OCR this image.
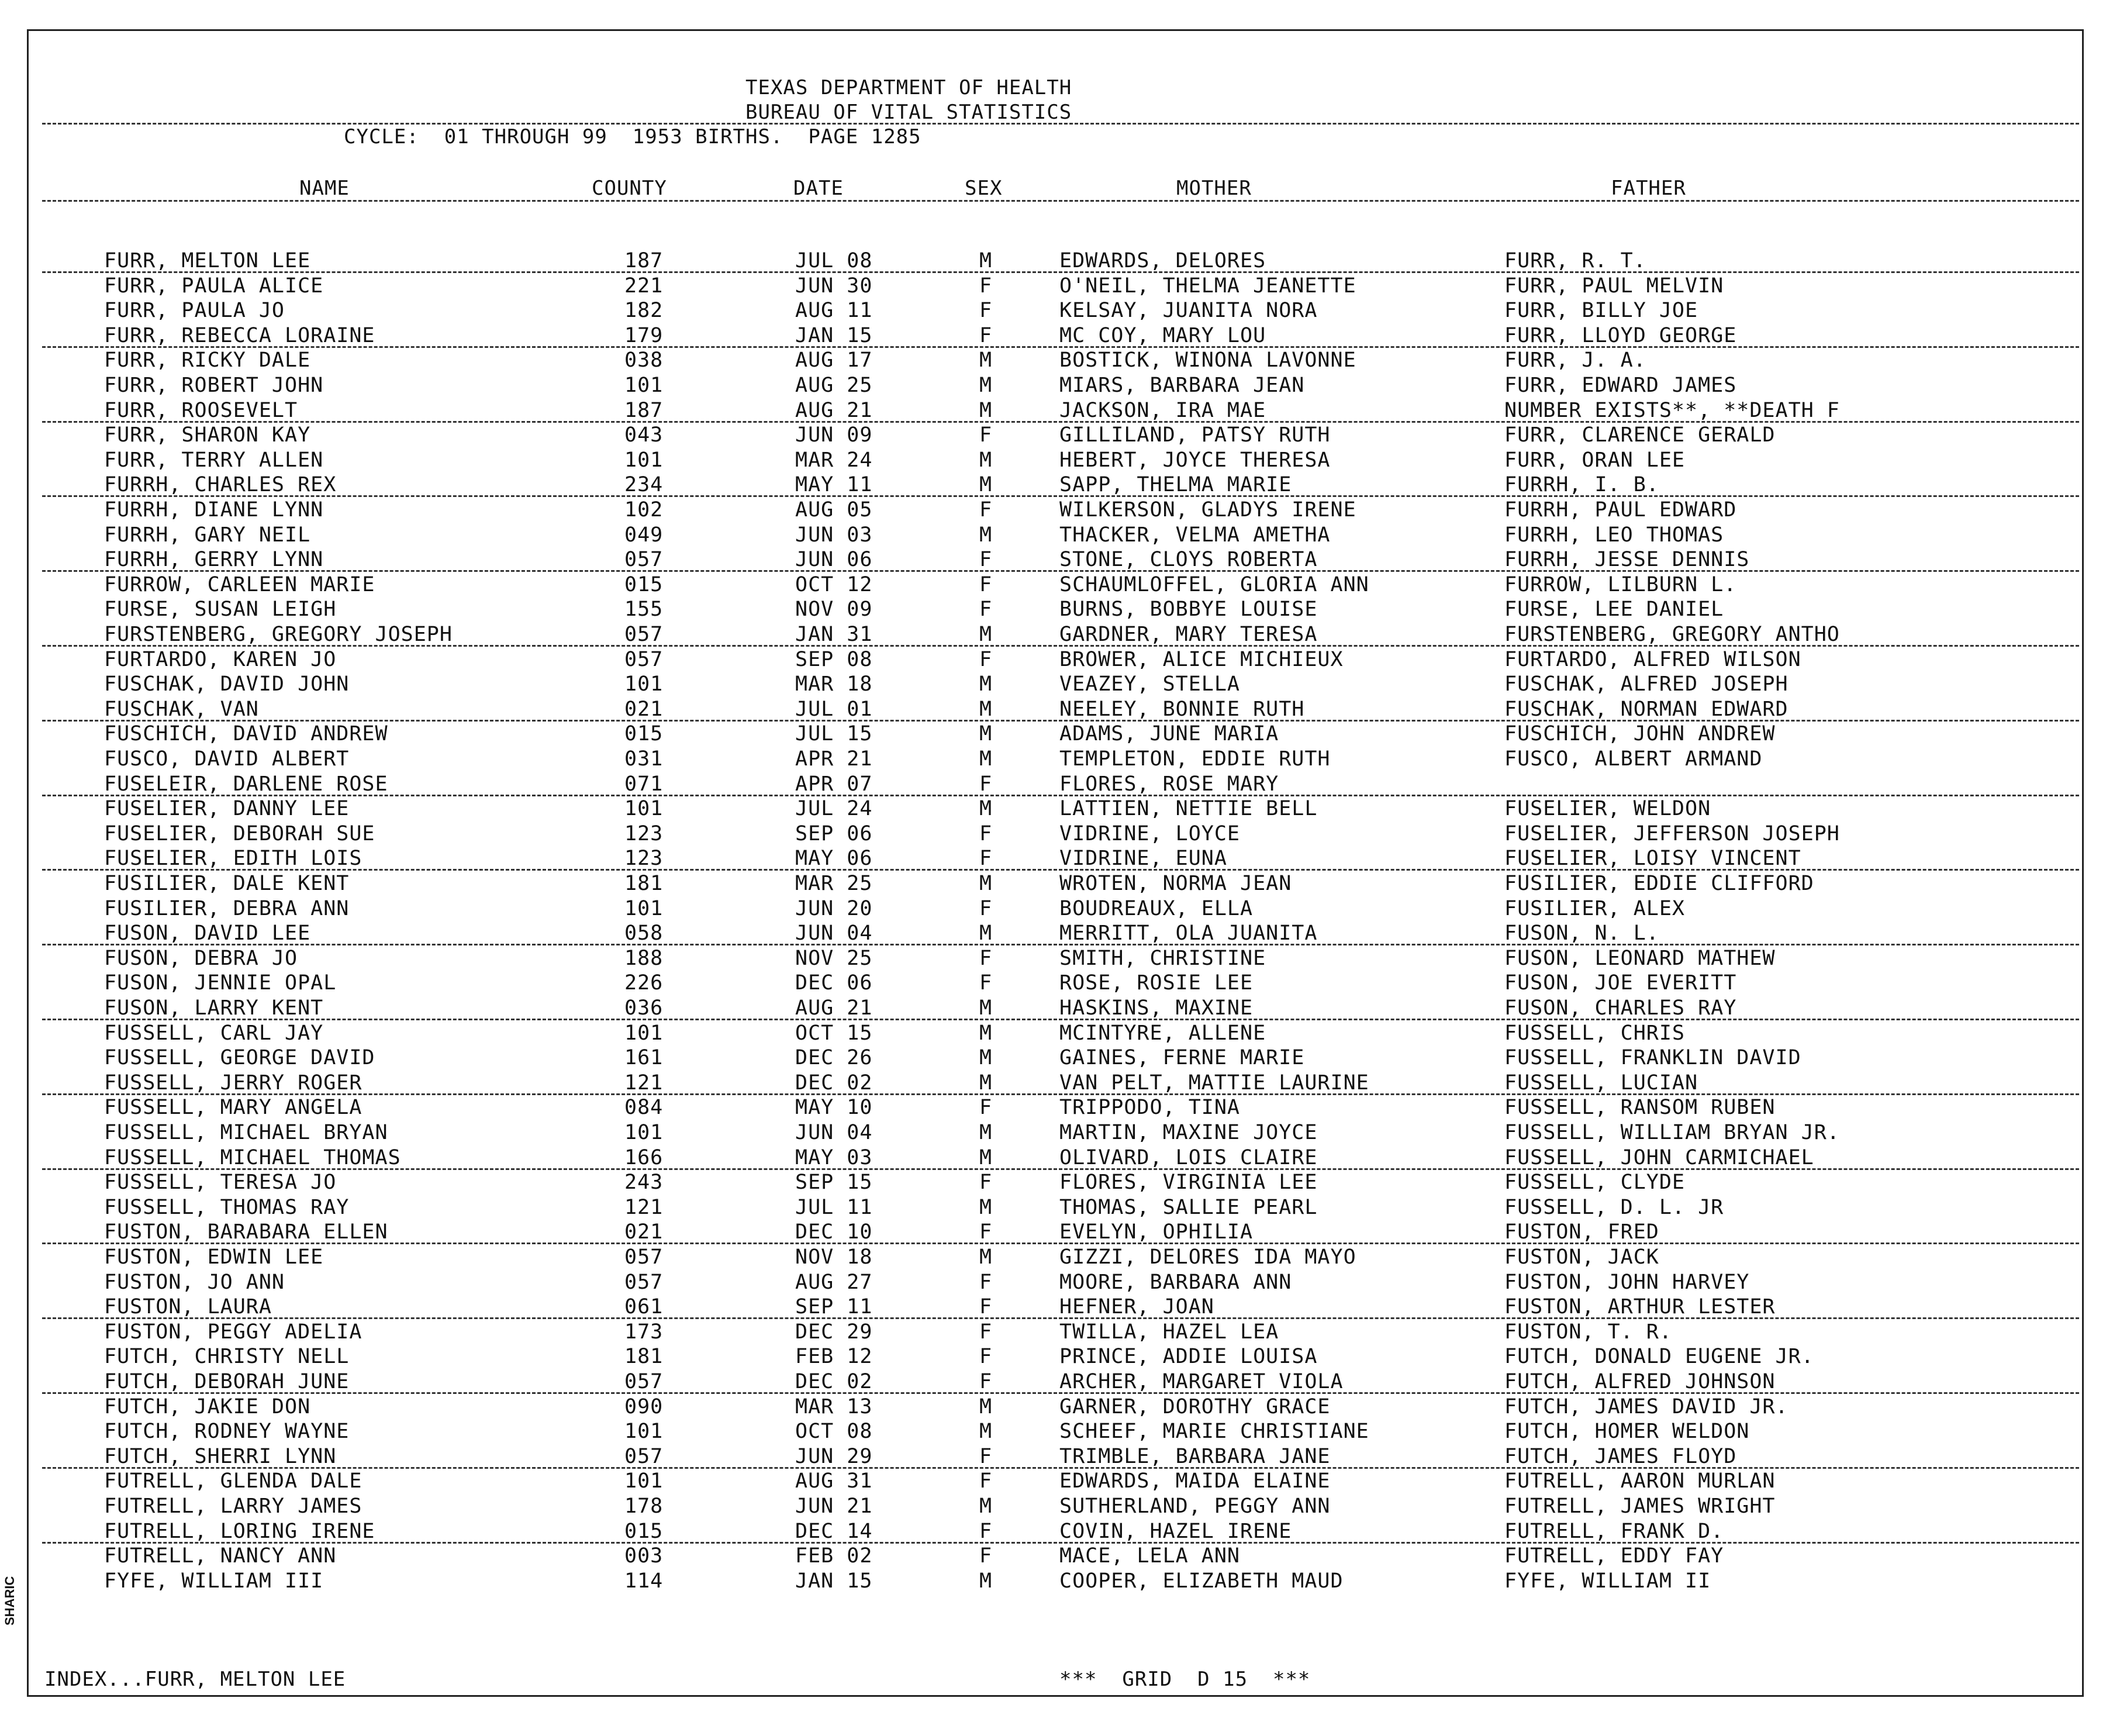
TEXAS DEPARTMENT OF HEALTH
BUREAU OF VITAL STATISTICS
CYCLE:  01 THROUGH 99  1953 BIRTHS.  PAGE 1285
NAME	COUNTY	DATE	SEX	MOTHER	FATHER
FURR, MELTON LEE	187	JUL 08	M	EDWARDS, DELORES	FURR, R. T.
FURR, PAULA ALICE	221	JUN 30	F	O'NEIL, THELMA JEANETTE	FURR, PAUL MELVIN
FURR, PAULA JO	182	AUG 11	F	KELSAY, JUANITA NORA	FURR, BILLY JOE
FURR, REBECCA LORAINE	179	JAN 15	F	MC COY, MARY LOU	FURR, LLOYD GEORGE
FURR, RICKY DALE	038	AUG 17	M	BOSTICK, WINONA LAVONNE	FURR, J. A.
FURR, ROBERT JOHN	101	AUG 25	M	MIARS, BARBARA JEAN	FURR, EDWARD JAMES
FURR, ROOSEVELT	187	AUG 21	M	JACKSON, IRA MAE	NUMBER EXISTS**, **DEATH F
FURR, SHARON KAY	043	JUN 09	F	GILLILAND, PATSY RUTH	FURR, CLARENCE GERALD
FURR, TERRY ALLEN	101	MAR 24	M	HEBERT, JOYCE THERESA	FURR, ORAN LEE
FURRH, CHARLES REX	234	MAY 11	M	SAPP, THELMA MARIE	FURRH, I. B.
FURRH, DIANE LYNN	102	AUG 05	F	WILKERSON, GLADYS IRENE	FURRH, PAUL EDWARD
FURRH, GARY NEIL	049	JUN 03	M	THACKER, VELMA AMETHA	FURRH, LEO THOMAS
FURRH, GERRY LYNN	057	JUN 06	F	STONE, CLOYS ROBERTA	FURRH, JESSE DENNIS
FURROW, CARLEEN MARIE	015	OCT 12	F	SCHAUMLOFFEL, GLORIA ANN	FURROW, LILBURN L.
FURSE, SUSAN LEIGH	155	NOV 09	F	BURNS, BOBBYE LOUISE	FURSE, LEE DANIEL
FURSTENBERG, GREGORY JOSEPH	057	JAN 31	M	GARDNER, MARY TERESA	FURSTENBERG, GREGORY ANTHO
FURTARDO, KAREN JO	057	SEP 08	F	BROWER, ALICE MICHIEUX	FURTARDO, ALFRED WILSON
FUSCHAK, DAVID JOHN	101	MAR 18	M	VEAZEY, STELLA	FUSCHAK, ALFRED JOSEPH
FUSCHAK, VAN	021	JUL 01	M	NEELEY, BONNIE RUTH	FUSCHAK, NORMAN EDWARD
FUSCHICH, DAVID ANDREW	015	JUL 15	M	ADAMS, JUNE MARIA	FUSCHICH, JOHN ANDREW
FUSCO, DAVID ALBERT	031	APR 21	M	TEMPLETON, EDDIE RUTH	FUSCO, ALBERT ARMAND
FUSELEIR, DARLENE ROSE	071	APR 07	F	FLORES, ROSE MARY
FUSELIER, DANNY LEE	101	JUL 24	M	LATTIEN, NETTIE BELL	FUSELIER, WELDON
FUSELIER, DEBORAH SUE	123	SEP 06	F	VIDRINE, LOYCE	FUSELIER, JEFFERSON JOSEPH
FUSELIER, EDITH LOIS	123	MAY 06	F	VIDRINE, EUNA	FUSELIER, LOISY VINCENT
FUSILIER, DALE KENT	181	MAR 25	M	WROTEN, NORMA JEAN	FUSILIER, EDDIE CLIFFORD
FUSILIER, DEBRA ANN	101	JUN 20	F	BOUDREAUX, ELLA	FUSILIER, ALEX
FUSON, DAVID LEE	058	JUN 04	M	MERRITT, OLA JUANITA	FUSON, N. L.
FUSON, DEBRA JO	188	NOV 25	F	SMITH, CHRISTINE	FUSON, LEONARD MATHEW
FUSON, JENNIE OPAL	226	DEC 06	F	ROSE, ROSIE LEE	FUSON, JOE EVERITT
FUSON, LARRY KENT	036	AUG 21	M	HASKINS, MAXINE	FUSON, CHARLES RAY
FUSSELL, CARL JAY	101	OCT 15	M	MCINTYRE, ALLENE	FUSSELL, CHRIS
FUSSELL, GEORGE DAVID	161	DEC 26	M	GAINES, FERNE MARIE	FUSSELL, FRANKLIN DAVID
FUSSELL, JERRY ROGER	121	DEC 02	M	VAN PELT, MATTIE LAURINE	FUSSELL, LUCIAN
FUSSELL, MARY ANGELA	084	MAY 10	F	TRIPPODO, TINA	FUSSELL, RANSOM RUBEN
FUSSELL, MICHAEL BRYAN	101	JUN 04	M	MARTIN, MAXINE JOYCE	FUSSELL, WILLIAM BRYAN JR.
FUSSELL, MICHAEL THOMAS	166	MAY 03	M	OLIVARD, LOIS CLAIRE	FUSSELL, JOHN CARMICHAEL
FUSSELL, TERESA JO	243	SEP 15	F	FLORES, VIRGINIA LEE	FUSSELL, CLYDE
FUSSELL, THOMAS RAY	121	JUL 11	M	THOMAS, SALLIE PEARL	FUSSELL, D. L. JR
FUSTON, BARABARA ELLEN	021	DEC 10	F	EVELYN, OPHILIA	FUSTON, FRED
FUSTON, EDWIN LEE	057	NOV 18	M	GIZZI, DELORES IDA MAYO	FUSTON, JACK
FUSTON, JO ANN	057	AUG 27	F	MOORE, BARBARA ANN	FUSTON, JOHN HARVEY
FUSTON, LAURA	061	SEP 11	F	HEFNER, JOAN	FUSTON, ARTHUR LESTER
FUSTON, PEGGY ADELIA	173	DEC 29	F	TWILLA, HAZEL LEA	FUSTON, T. R.
FUTCH, CHRISTY NELL	181	FEB 12	F	PRINCE, ADDIE LOUISA	FUTCH, DONALD EUGENE JR.
FUTCH, DEBORAH JUNE	057	DEC 02	F	ARCHER, MARGARET VIOLA	FUTCH, ALFRED JOHNSON
FUTCH, JAKIE DON	090	MAR 13	M	GARNER, DOROTHY GRACE	FUTCH, JAMES DAVID JR.
FUTCH, RODNEY WAYNE	101	OCT 08	M	SCHEEF, MARIE CHRISTIANE	FUTCH, HOMER WELDON
FUTCH, SHERRI LYNN	057	JUN 29	F	TRIMBLE, BARBARA JANE	FUTCH, JAMES FLOYD
FUTRELL, GLENDA DALE	101	AUG 31	F	EDWARDS, MAIDA ELAINE	FUTRELL, AARON MURLAN
FUTRELL, LARRY JAMES	178	JUN 21	M	SUTHERLAND, PEGGY ANN	FUTRELL, JAMES WRIGHT
FUTRELL, LORING IRENE	015	DEC 14	F	COVIN, HAZEL IRENE	FUTRELL, FRANK D.
FUTRELL, NANCY ANN	003	FEB 02	F	MACE, LELA ANN	FUTRELL, EDDY FAY
FYFE, WILLIAM III	114	JAN 15	M	COOPER, ELIZABETH MAUD	FYFE, WILLIAM II
INDEX...FURR, MELTON LEE	***  GRID  D 15  ***
SHARIC
